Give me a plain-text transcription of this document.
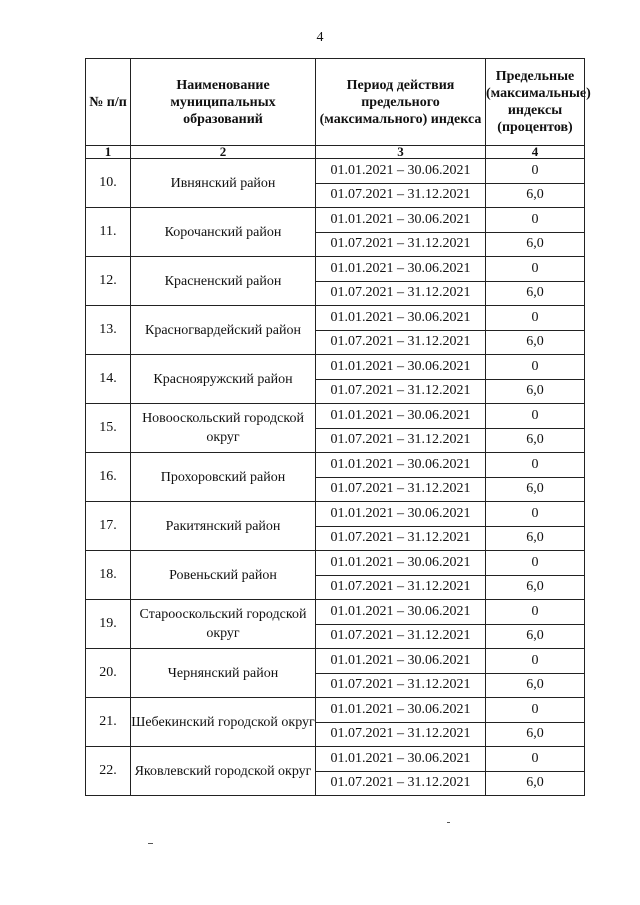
4
№ п/п	Наименование муниципальных образований	Период действия предельного (максимального) индекса	Предельные (максимальные) индексы (процентов)
1	2	3	4
10.	Ивнянский район	01.01.2021 – 30.06.2021	0
		01.07.2021 – 31.12.2021	6,0
11.	Корочанский район	01.01.2021 – 30.06.2021	0
		01.07.2021 – 31.12.2021	6,0
12.	Красненский район	01.01.2021 – 30.06.2021	0
		01.07.2021 – 31.12.2021	6,0
13.	Красногвардейский район	01.01.2021 – 30.06.2021	0
		01.07.2021 – 31.12.2021	6,0
14.	Краснояружский район	01.01.2021 – 30.06.2021	0
		01.07.2021 – 31.12.2021	6,0
15.	Новооскольский городской округ	01.01.2021 – 30.06.2021	0
		01.07.2021 – 31.12.2021	6,0
16.	Прохоровский район	01.01.2021 – 30.06.2021	0
		01.07.2021 – 31.12.2021	6,0
17.	Ракитянский район	01.01.2021 – 30.06.2021	0
		01.07.2021 – 31.12.2021	6,0
18.	Ровеньский район	01.01.2021 – 30.06.2021	0
		01.07.2021 – 31.12.2021	6,0
19.	Старооскольский городской округ	01.01.2021 – 30.06.2021	0
		01.07.2021 – 31.12.2021	6,0
20.	Чернянский район	01.01.2021 – 30.06.2021	0
		01.07.2021 – 31.12.2021	6,0
21.	Шебекинский городской округ	01.01.2021 – 30.06.2021	0
		01.07.2021 – 31.12.2021	6,0
22.	Яковлевский городской округ	01.01.2021 – 30.06.2021	0
		01.07.2021 – 31.12.2021	6,0
